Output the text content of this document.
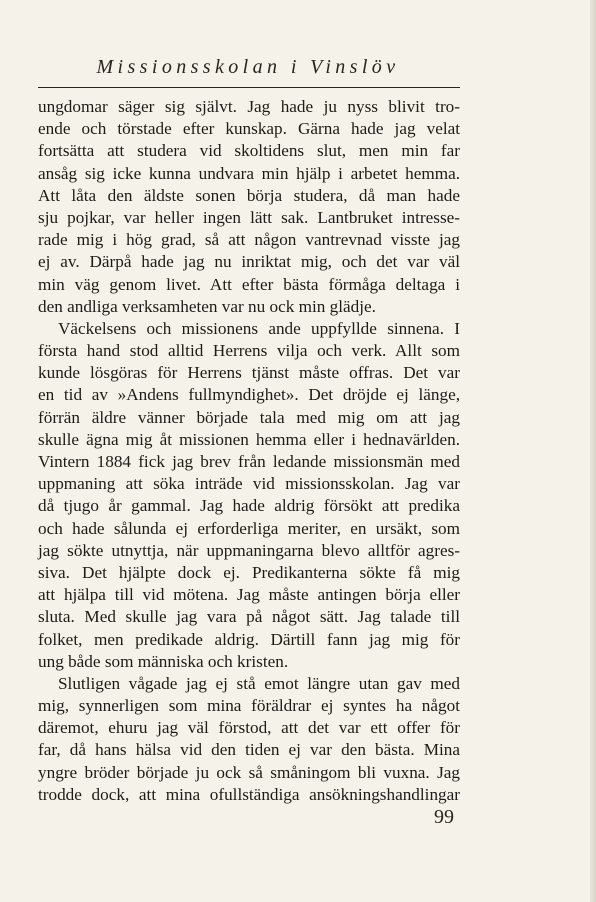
Missionsskolan i Vinslöv
ungdomar säger sig självt. Jag hade ju nyss blivit tro-
ende och törstade efter kunskap. Gärna hade jag velat
fortsätta att studera vid skoltidens slut, men min far
ansåg sig icke kunna undvara min hjälp i arbetet hemma.
Att låta den äldste sonen börja studera, då man hade
sju pojkar, var heller ingen lätt sak. Lantbruket intresse-
rade mig i hög grad, så att någon vantrevnad visste jag
ej av. Därpå hade jag nu inriktat mig, och det var väl
min väg genom livet. Att efter bästa förmåga deltaga i
den andliga verksamheten var nu ock min glädje.
Väckelsens och missionens ande uppfyllde sinnena. I
första hand stod alltid Herrens vilja och verk. Allt som
kunde lösgöras för Herrens tjänst måste offras. Det var
en tid av »Andens fullmyndighet». Det dröjde ej länge,
förrän äldre vänner började tala med mig om att jag
skulle ägna mig åt missionen hemma eller i hednavärlden.
Vintern 1884 fick jag brev från ledande missionsmän med
uppmaning att söka inträde vid missionsskolan. Jag var
då tjugo år gammal. Jag hade aldrig försökt att predika
och hade sålunda ej erforderliga meriter, en ursäkt, som
jag sökte utnyttja, när uppmaningarna blevo alltför agres-
siva. Det hjälpte dock ej. Predikanterna sökte få mig
att hjälpa till vid mötena. Jag måste antingen börja eller
sluta. Med skulle jag vara på något sätt. Jag talade till
folket, men predikade aldrig. Därtill fann jag mig för
ung både som människa och kristen.
Slutligen vågade jag ej stå emot längre utan gav med
mig, synnerligen som mina föräldrar ej syntes ha något
däremot, ehuru jag väl förstod, att det var ett offer för
far, då hans hälsa vid den tiden ej var den bästa. Mina
yngre bröder började ju ock så småningom bli vuxna. Jag
trodde dock, att mina ofullständiga ansökningshandlingar
99
